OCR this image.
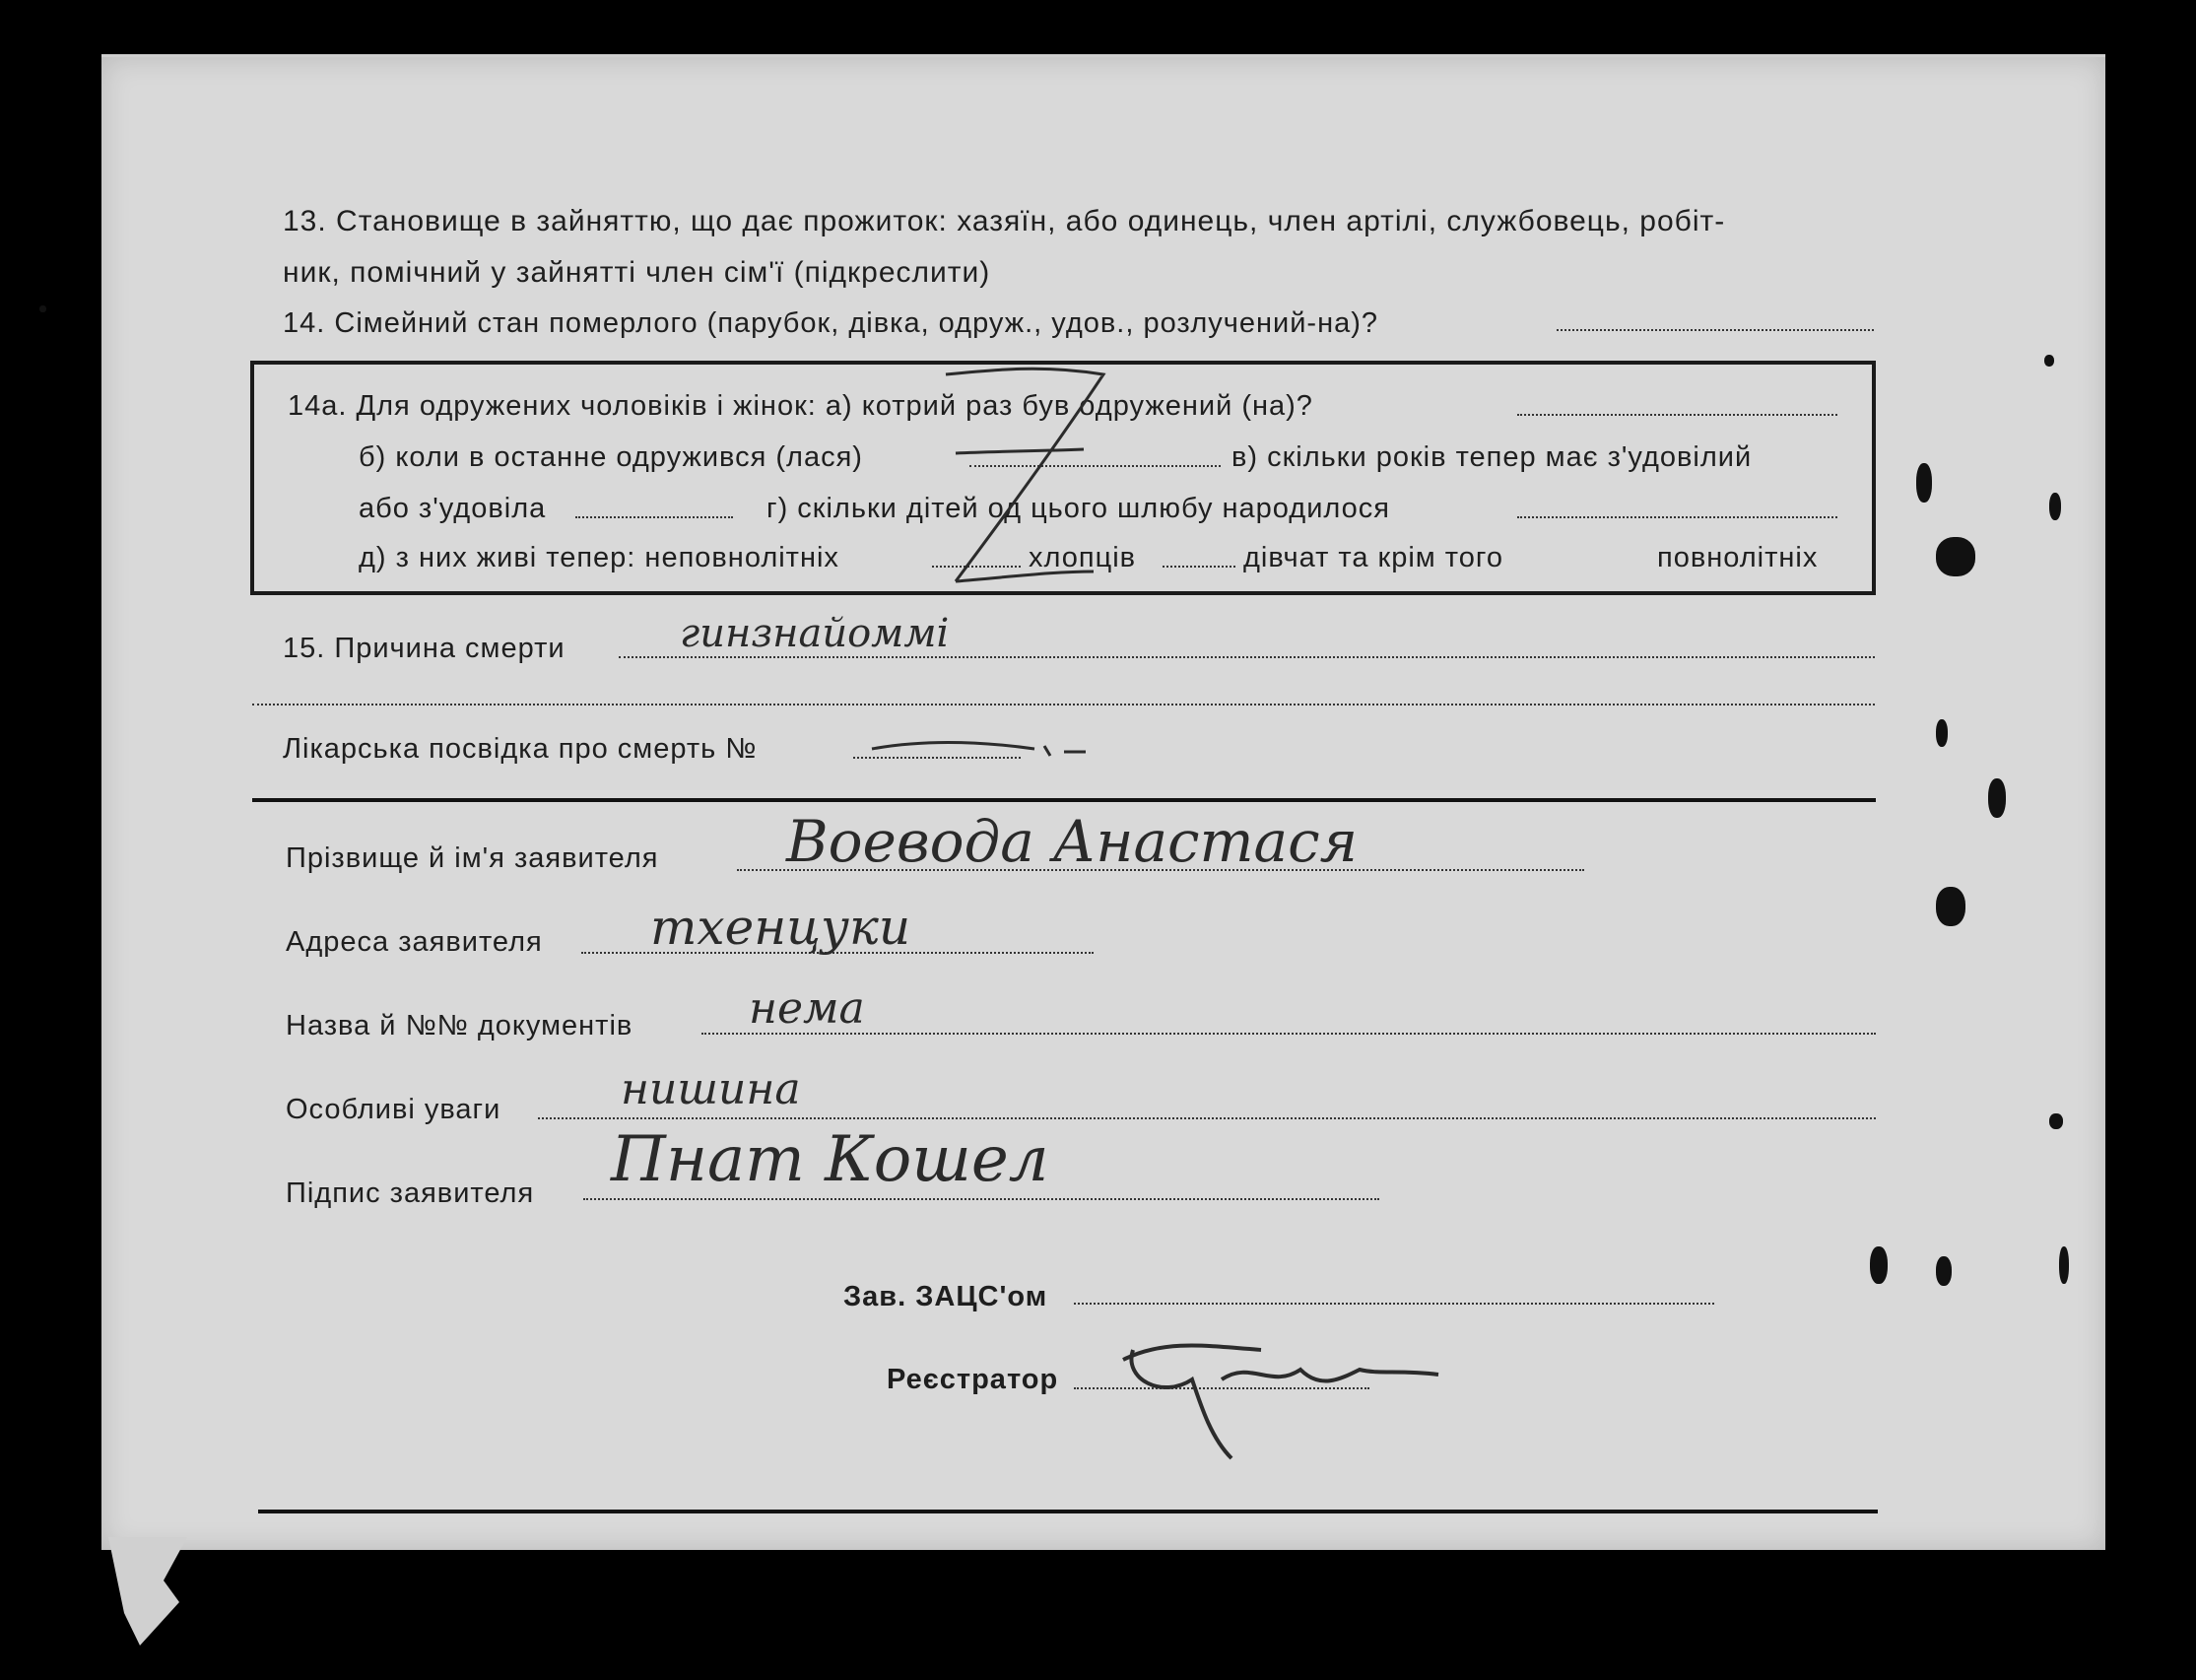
13. Становище в зайняттю, що дає прожиток: хазяїн, або одинець, член артілі, службовець, робіт-
ник, помічний у зайнятті член сім'ї (підкреслити)
14. Сімейний стан померлого (парубок, дівка, одруж., удов., розлучений-на)?
14а. Для одружених чоловіків і жінок: а) котрий раз був одружений (на)?
б) коли в останне одружився (лася)	в) скільки років тепер має з'удовілий
або з'удовіла	г) скільки дітей од цього шлюбу народилося
д) з них живі тепер: неповнолітніх	хлопців	дівчат та крім того	повнолітніх
15. Причина смерти	гинзнайоммі
Лікарська посвідка про смерть №
Прізвище й ім'я заявителя Воевода Анастася
Адреса заявителя тхенцуки
Назва й №№ документів	нема
Особливі уваги	нишина
Підпис заявителя Пнат Кошел
Зав. ЗАЦС'ом
Реєстратор
